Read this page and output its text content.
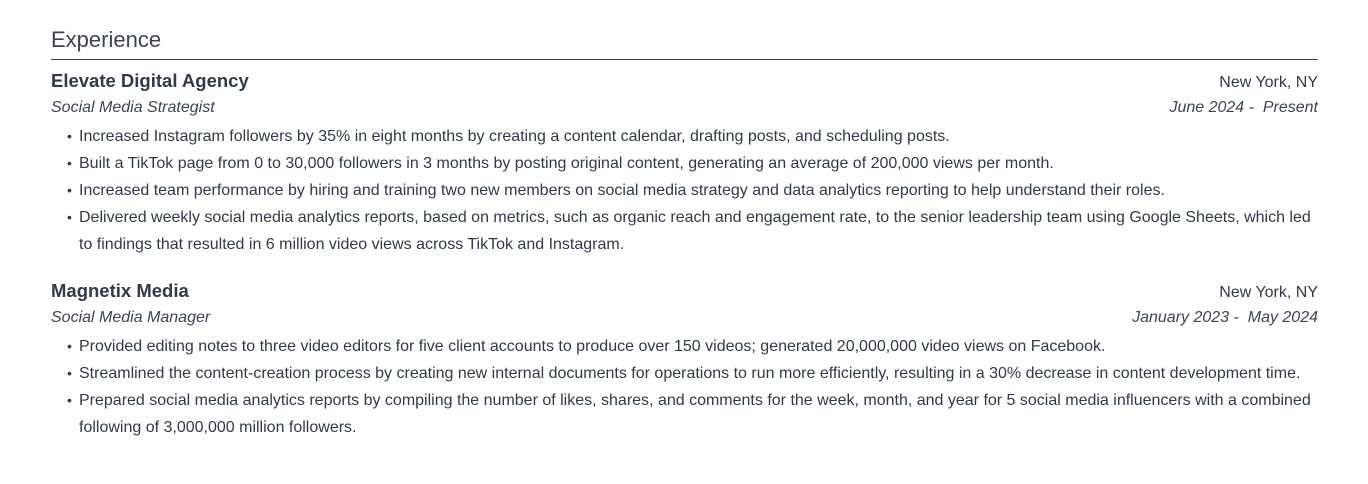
Experience
Elevate Digital Agency	New York, NY
Social Media Strategist	June 2024 -  Present
• Increased Instagram followers by 35% in eight months by creating a content calendar, drafting posts, and scheduling posts.
• Built a TikTok page from 0 to 30,000 followers in 3 months by posting original content, generating an average of 200,000 views per month.
• Increased team performance by hiring and training two new members on social media strategy and data analytics reporting to help understand their roles.
• Delivered weekly social media analytics reports, based on metrics, such as organic reach and engagement rate, to the senior leadership team using Google Sheets, which led to findings that resulted in 6 million video views across TikTok and Instagram.
Magnetix Media	New York, NY
Social Media Manager	January 2023 -  May 2024
• Provided editing notes to three video editors for five client accounts to produce over 150 videos; generated 20,000,000 video views on Facebook.
• Streamlined the content-creation process by creating new internal documents for operations to run more efficiently, resulting in a 30% decrease in content development time.
• Prepared social media analytics reports by compiling the number of likes, shares, and comments for the week, month, and year for 5 social media influencers with a combined following of 3,000,000 million followers.
